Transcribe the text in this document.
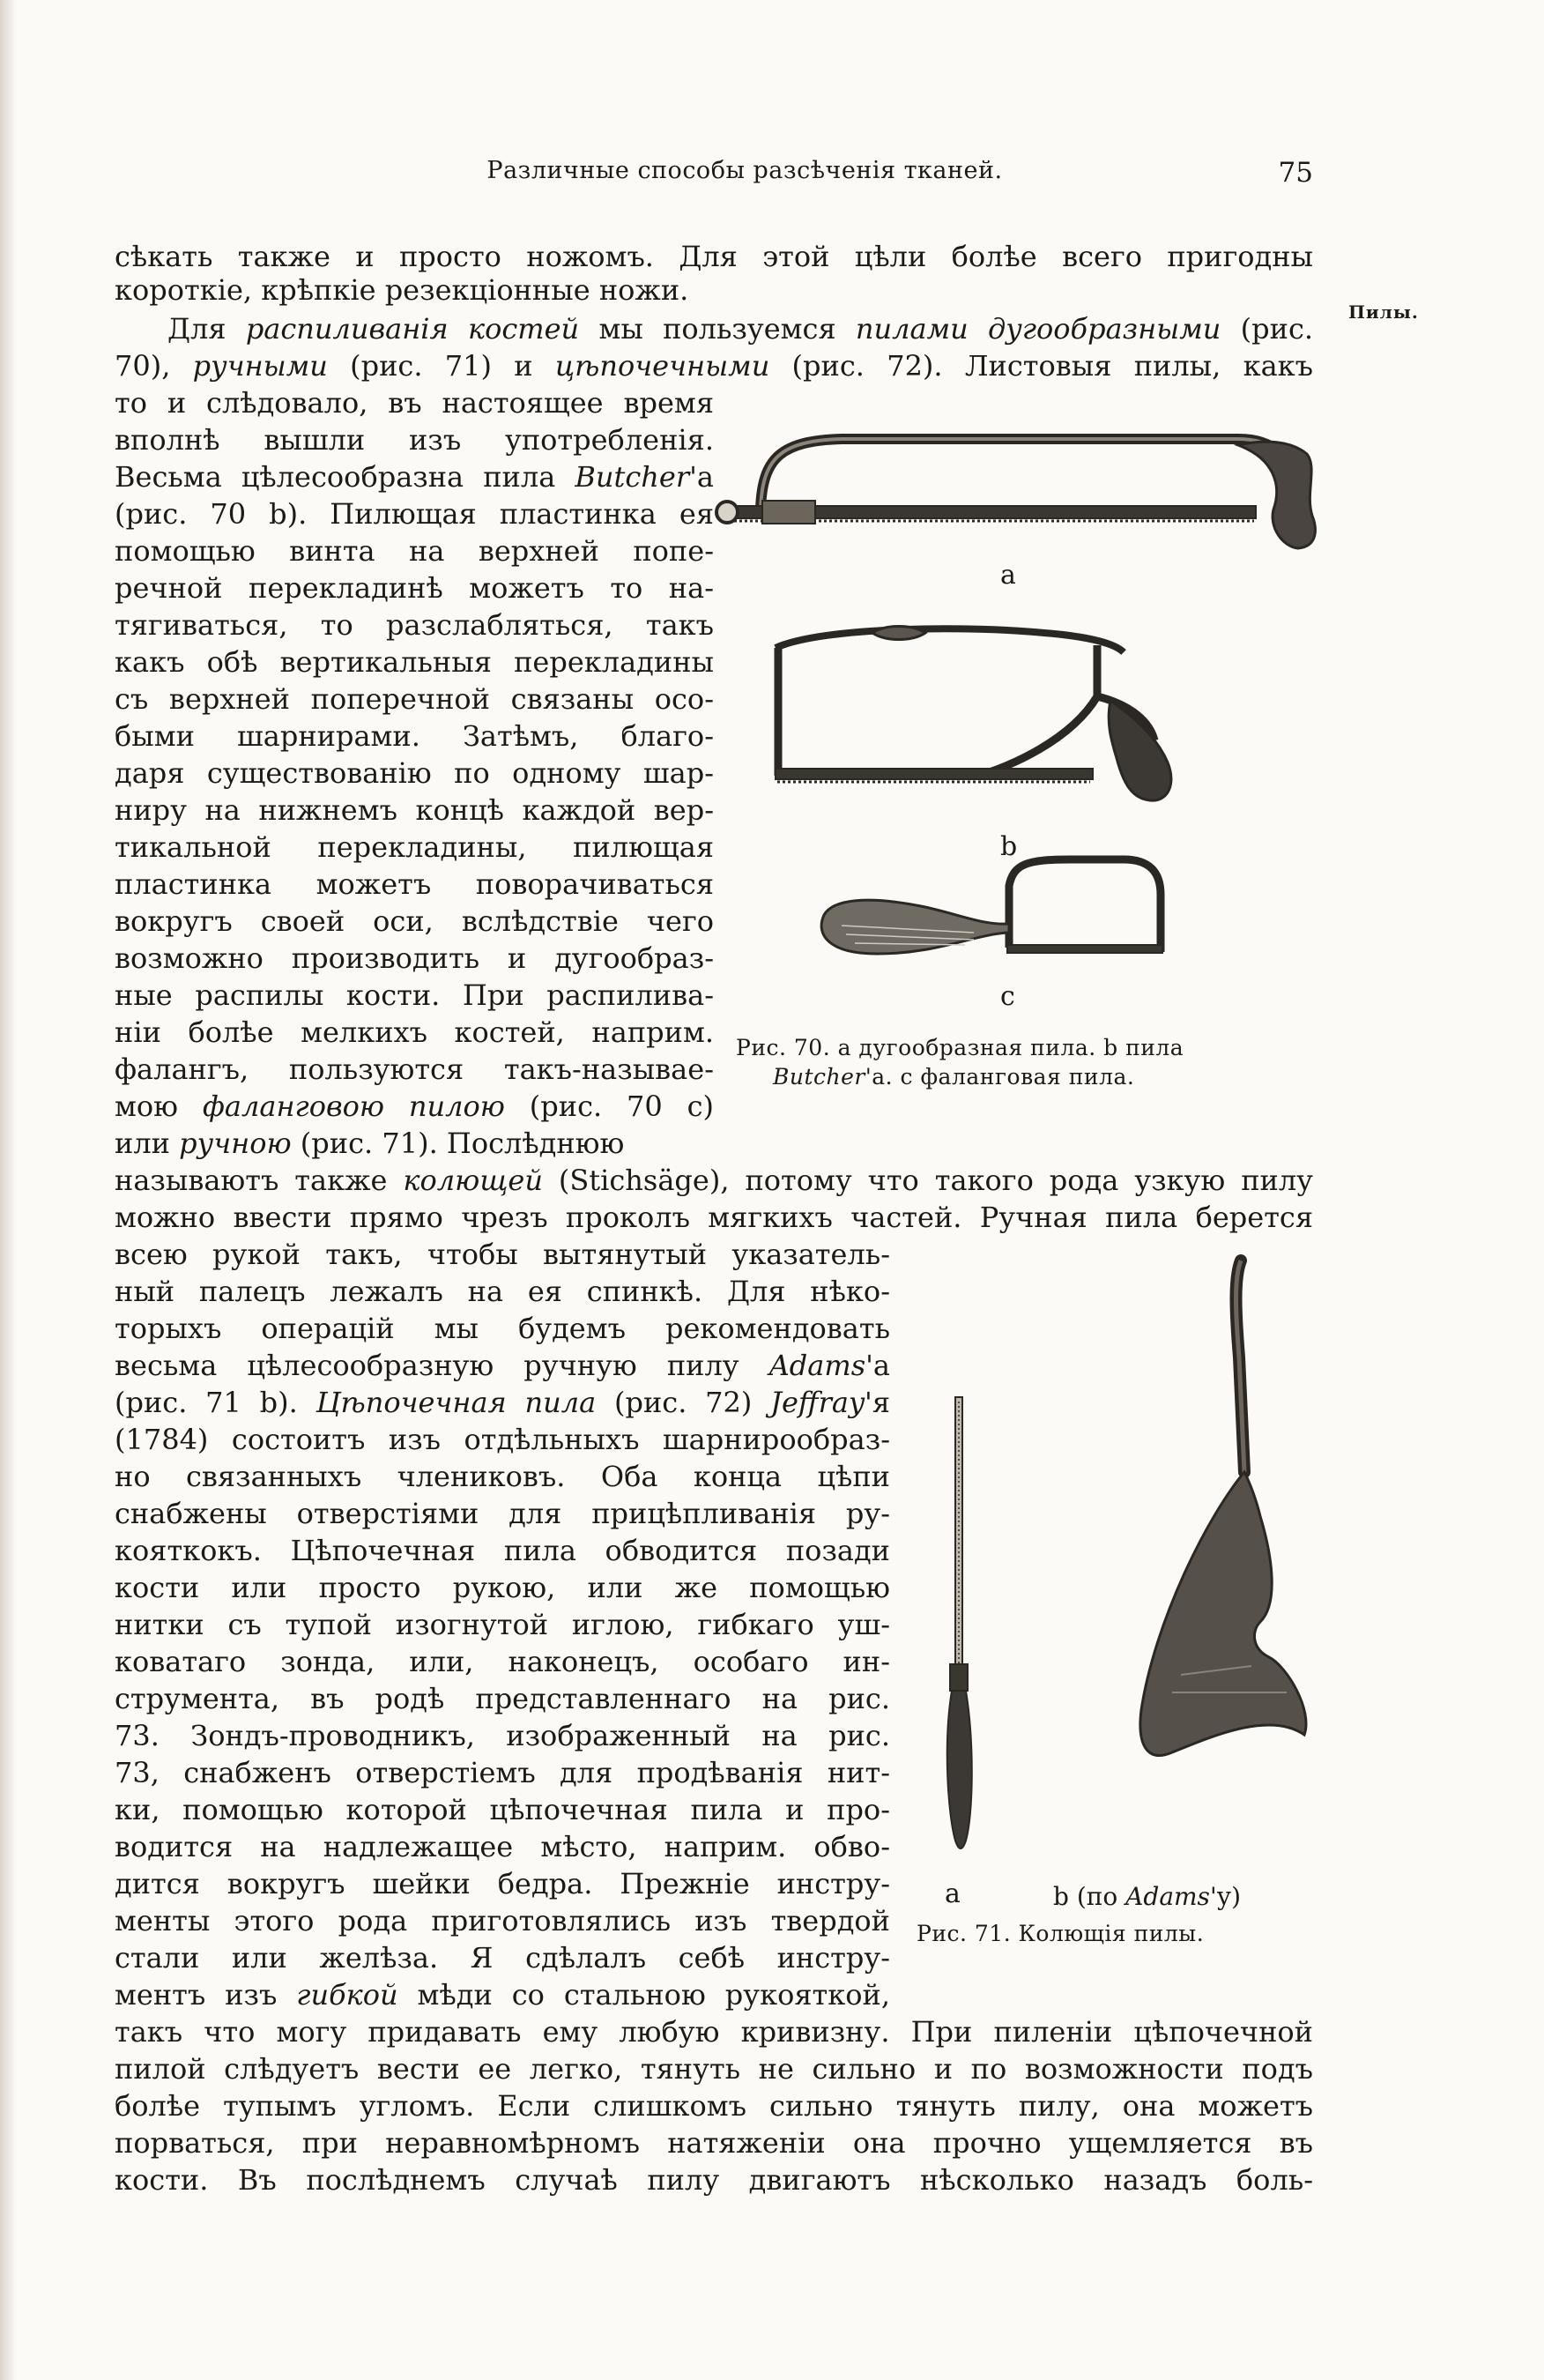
Различные способы разсѣченія тканей.	75
Пилы.
сѣкать также и просто ножомъ. Для этой цѣли болѣе всего пригодны
короткіе, крѣпкіе резекціонные ножи.
Для распиливанія костей мы пользуемся пилами дугообразными (рис.
70), ручными (рис. 71) и цѣпочечными (рис. 72). Листовыя пилы, какъ
то и слѣдовало, въ настоящее время
вполнѣ вышли изъ употребленія.
Весьма цѣлесообразна пила Butcher'а
(рис. 70 b). Пилющая пластинка ея
помощью винта на верхней попе-
речной перекладинѣ можетъ то на-
тягиваться, то разслабляться, такъ
какъ обѣ вертикальныя перекладины
съ верхней поперечной связаны осо-
быми шарнирами. Затѣмъ, благо-
даря существованію по одному шар-
ниру на нижнемъ концѣ каждой вер-
тикальной перекладины, пилющая
пластинка можетъ поворачиваться
вокругъ своей оси, вслѣдствіе чего
возможно производить и дугообраз-
ные распилы кости. При распилива-
ніи болѣе мелкихъ костей, наприм.
фалангъ, пользуются такъ-называе-
мою фаланговою пилою (рис. 70 с)
или ручною (рис. 71). Послѣднюю
называютъ также колющей (Stichsäge), потому что такого рода узкую пилу
можно ввести прямо чрезъ проколъ мягкихъ частей. Ручная пила берется
всею рукой такъ, чтобы вытянутый указатель-
ный палецъ лежалъ на ея спинкѣ. Для нѣко-
торыхъ операцій мы будемъ рекомендовать
весьма цѣлесообразную ручную пилу Adams'а
(рис. 71 b). Цѣпочечная пила (рис. 72) Jeffray'я
(1784) состоитъ изъ отдѣльныхъ шарнирообраз-
но связанныхъ члениковъ. Оба конца цѣпи
снабжены отверстіями для прицѣпливанія ру-
кояткокъ. Цѣпочечная пила обводится позади
кости или просто рукою, или же помощью
нитки съ тупой изогнутой иглою, гибкаго уш-
коватаго зонда, или, наконецъ, особаго ин-
струмента, въ родѣ представленнаго на рис.
73. Зондъ-проводникъ, изображенный на рис.
73, снабженъ отверстіемъ для продѣванія нит-
ки, помощью которой цѣпочечная пила и про-
водится на надлежащее мѣсто, наприм. обво-
дится вокругъ шейки бедра. Прежніе инстру-
менты этого рода приготовлялись изъ твердой
стали или желѣза. Я сдѣлалъ себѣ инстру-
ментъ изъ гибкой мѣди со стальною рукояткой,
такъ что могу придавать ему любую кривизну. При пиленіи цѣпочечной
пилой слѣдуетъ вести ее легко, тянуть не сильно и по возможности подъ
болѣе тупымъ угломъ. Если слишкомъ сильно тянуть пилу, она можетъ
порваться, при неравномѣрномъ натяженіи она прочно ущемляется въ
кости. Въ послѣднемъ случаѣ пилу двигаютъ нѣсколько назадъ боль-
a
b
c
Рис. 70. a дугообразная пила. b пила
Butcher'а. с фаланговая пила.
a	b (по Adams'у)
Рис. 71. Колющія пилы.
